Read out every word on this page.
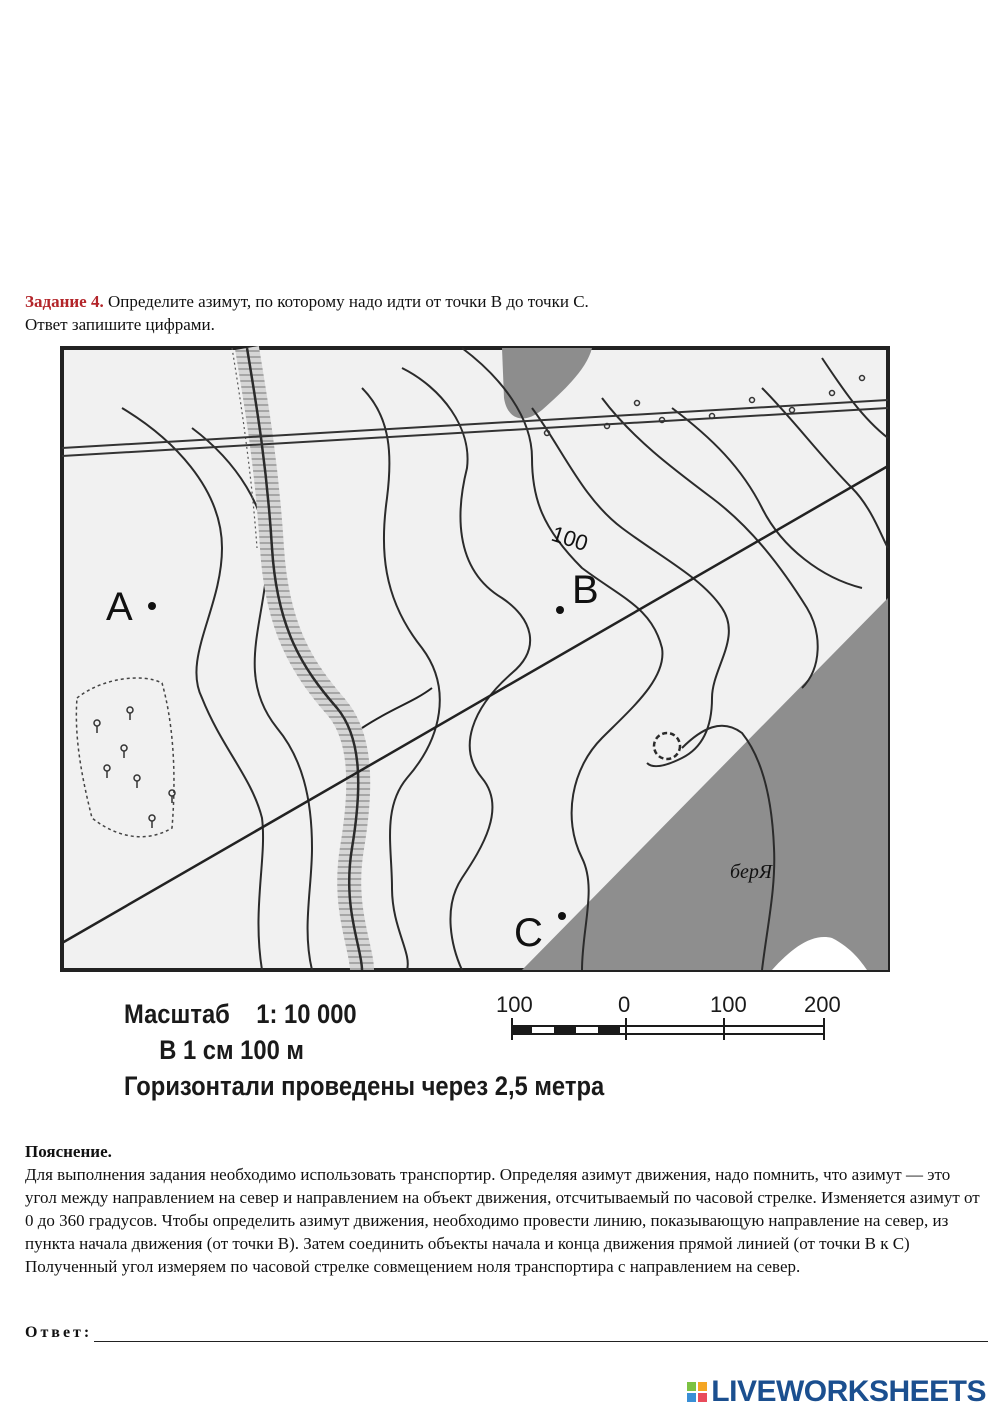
Задание 4. Определите азимут, по которому надо идти от точки В до точки С.
Ответ запишите цифрами.
A	B
C
100
берЯ
Масштаб    1: 10 000
В 1 см 100 м
Горизонтали проведены через 2,5 метра
100	0	100	200
Пояснение.
Для выполнения задания необходимо использовать транспортир. Определяя азимут движения, надо помнить, что азимут — это угол между направлением на север и направлением на объект движения, отсчитываемый по часовой стрелке. Изменяется азимут от 0 до 360 градусов. Чтобы определить азимут движения, необходимо провести линию, показывающую направление на север, из пункта начала движения (от точки В). Затем соединить объекты начала и конца движения прямой линией (от точки В к С) Полученный угол измеряем по часовой стрелке совмещением ноля транспортира с направлением на север.
Ответ:
LIVEWORKSHEETS
